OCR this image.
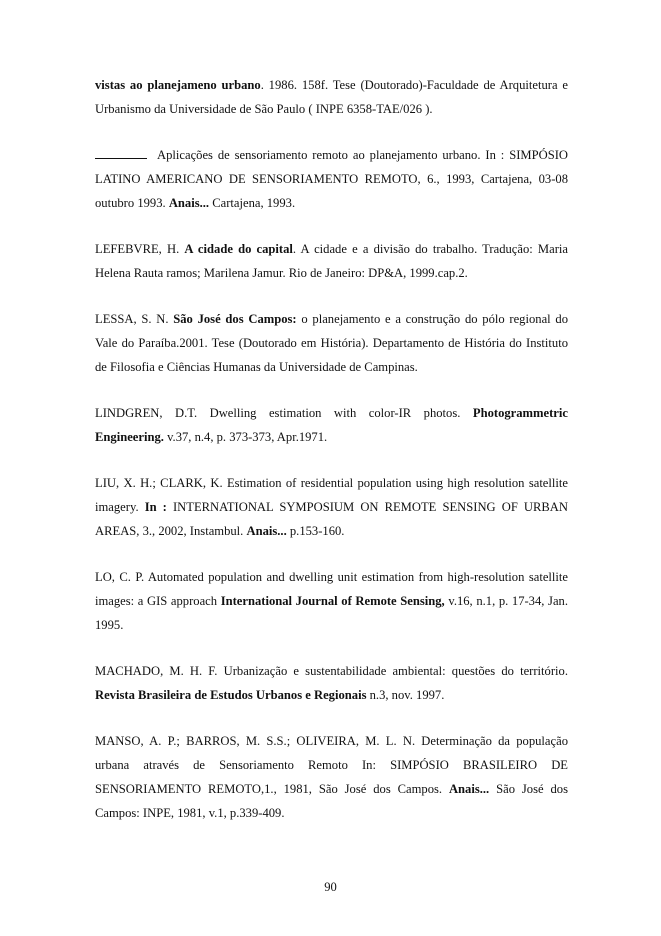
vistas ao planejameno urbano. 1986. 158f. Tese (Doutorado)-Faculdade de Arquitetura e Urbanismo da Universidade de São Paulo ( INPE 6358-TAE/026 ).

Aplicações de sensoriamento remoto ao planejamento urbano. In : SIMPÓSIO LATINO AMERICANO DE SENSORIAMENTO REMOTO, 6., 1993, Cartajena, 03-08 outubro 1993. Anais... Cartajena, 1993.

LEFEBVRE, H. A cidade do capital. A cidade e a divisão do trabalho. Tradução: Maria Helena Rauta ramos; Marilena Jamur. Rio de Janeiro: DP&A, 1999.cap.2.

LESSA, S. N. São José dos Campos: o planejamento e a construção do pólo regional do Vale do Paraíba.2001. Tese (Doutorado em História). Departamento de História do Instituto de Filosofia e Ciências Humanas da Universidade de Campinas.

LINDGREN, D.T. Dwelling estimation with color-IR photos. Photogrammetric Engineering. v.37, n.4, p. 373-373, Apr.1971.

LIU, X. H.; CLARK, K. Estimation of residential population using high resolution satellite imagery. In : INTERNATIONAL SYMPOSIUM ON REMOTE SENSING OF URBAN AREAS, 3., 2002, Instambul. Anais... p.153-160.

LO, C. P. Automated population and dwelling unit estimation from high-resolution satellite images: a GIS approach International Journal of Remote Sensing, v.16, n.1, p. 17-34, Jan. 1995.

MACHADO, M. H. F. Urbanização e sustentabilidade ambiental: questões do território. Revista Brasileira de Estudos Urbanos e Regionais n.3, nov. 1997.

MANSO, A. P.; BARROS, M. S.S.; OLIVEIRA, M. L. N. Determinação da população urbana através de Sensoriamento Remoto In: SIMPÓSIO BRASILEIRO DE SENSORIAMENTO REMOTO,1., 1981, São José dos Campos. Anais... São José dos Campos: INPE, 1981, v.1, p.339-409.

90
